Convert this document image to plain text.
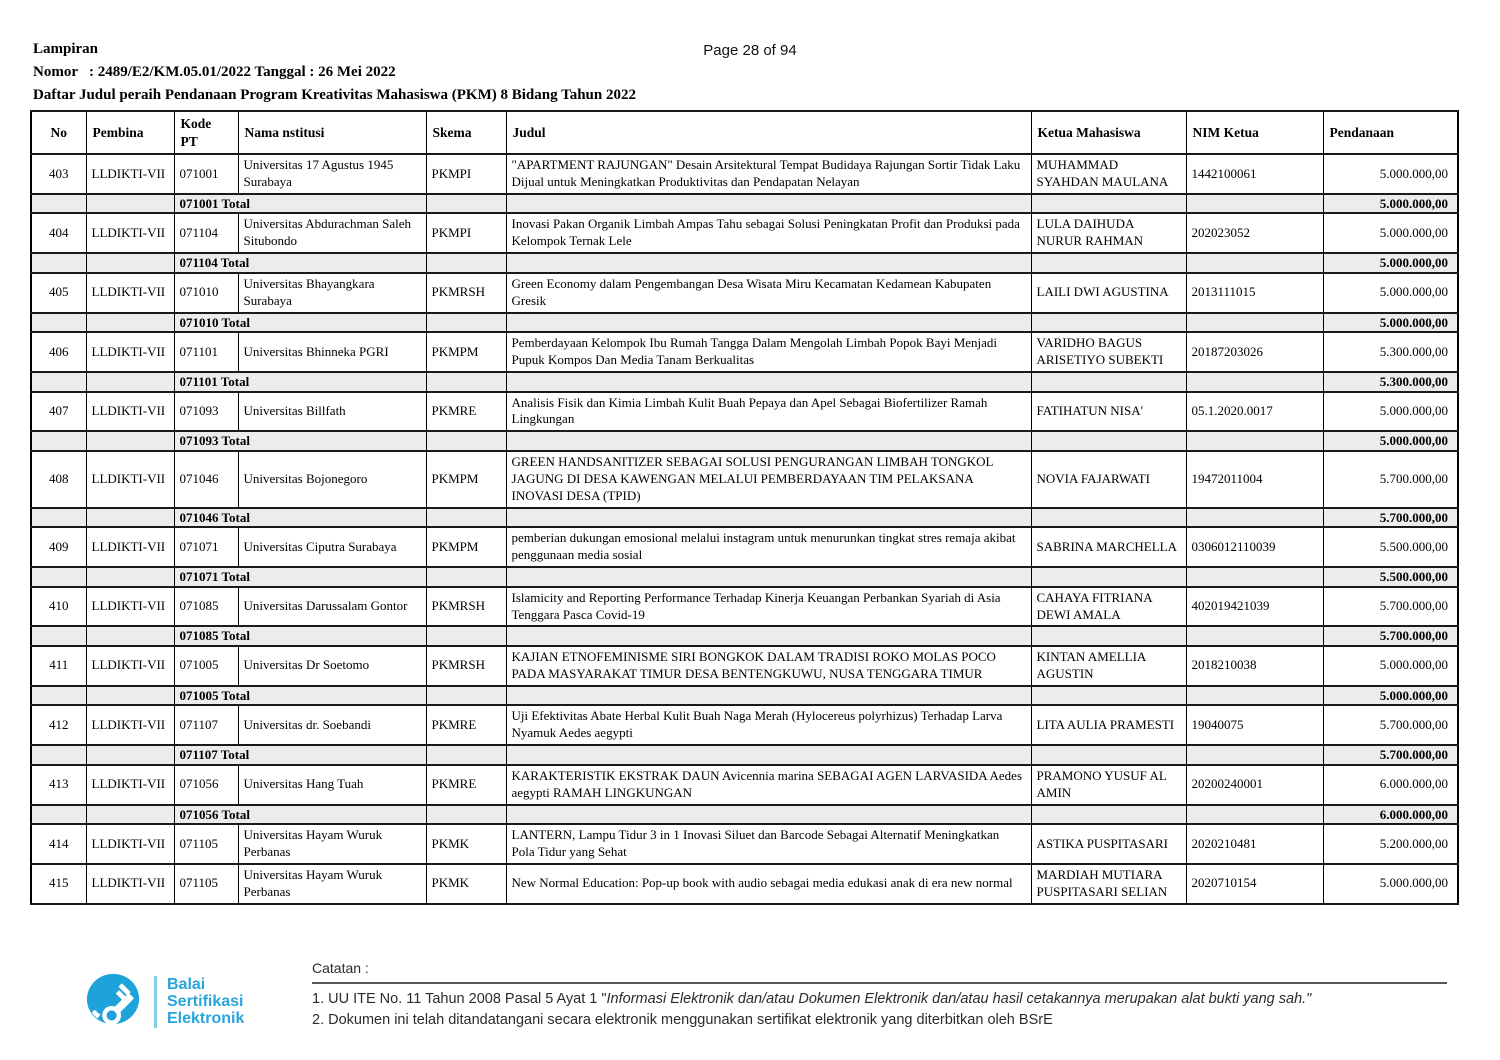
Lampiran
Nomor   : 2489/E2/KM.05.01/2022 Tanggal : 26 Mei 2022
Daftar Judul peraih Pendanaan Program Kreativitas Mahasiswa (PKM) 8 Bidang Tahun 2022
Page 28 of 94
No	Pembina	Kode PT	Nama nstitusi	Skema	Judul	Ketua Mahasiswa	NIM Ketua	Pendanaan
403	LLDIKTI-VII	071001	Universitas 17 Agustus 1945 Surabaya	PKMPI	"APARTMENT RAJUNGAN" Desain Arsitektural Tempat Budidaya Rajungan Sortir Tidak Laku Dijual untuk Meningkatkan Produktivitas dan Pendapatan Nelayan	MUHAMMAD SYAHDAN MAULANA	1442100061	5.000.000,00
		071001 Total						5.000.000,00
404	LLDIKTI-VII	071104	Universitas Abdurachman Saleh Situbondo	PKMPI	Inovasi Pakan Organik Limbah Ampas Tahu sebagai Solusi Peningkatan Profit dan Produksi pada Kelompok Ternak Lele	LULA DAIHUDA NURUR RAHMAN	202023052	5.000.000,00
		071104 Total						5.000.000,00
405	LLDIKTI-VII	071010	Universitas Bhayangkara Surabaya	PKMRSH	Green Economy dalam Pengembangan Desa Wisata Miru Kecamatan Kedamean Kabupaten Gresik	LAILI DWI AGUSTINA	2013111015	5.000.000,00
		071010 Total						5.000.000,00
406	LLDIKTI-VII	071101	Universitas Bhinneka PGRI	PKMPM	Pemberdayaan Kelompok Ibu Rumah Tangga Dalam Mengolah Limbah Popok Bayi Menjadi Pupuk Kompos Dan Media Tanam Berkualitas	VARIDHO BAGUS ARISETIYO SUBEKTI	20187203026	5.300.000,00
		071101 Total						5.300.000,00
407	LLDIKTI-VII	071093	Universitas Billfath	PKMRE	Analisis Fisik dan Kimia Limbah Kulit Buah Pepaya dan Apel Sebagai Biofertilizer Ramah Lingkungan	FATIHATUN NISA'	05.1.2020.0017	5.000.000,00
		071093 Total						5.000.000,00
408	LLDIKTI-VII	071046	Universitas Bojonegoro	PKMPM	GREEN HANDSANITIZER SEBAGAI SOLUSI PENGURANGAN LIMBAH TONGKOL JAGUNG DI DESA KAWENGAN MELALUI PEMBERDAYAAN TIM PELAKSANA INOVASI DESA (TPID)	NOVIA FAJARWATI	19472011004	5.700.000,00
		071046 Total						5.700.000,00
409	LLDIKTI-VII	071071	Universitas Ciputra Surabaya	PKMPM	pemberian dukungan emosional melalui instagram untuk menurunkan tingkat stres remaja akibat penggunaan media sosial	SABRINA MARCHELLA	0306012110039	5.500.000,00
		071071 Total						5.500.000,00
410	LLDIKTI-VII	071085	Universitas Darussalam Gontor	PKMRSH	Islamicity and Reporting Performance Terhadap Kinerja Keuangan Perbankan Syariah di Asia Tenggara Pasca Covid-19	CAHAYA FITRIANA DEWI AMALA	402019421039	5.700.000,00
		071085 Total						5.700.000,00
411	LLDIKTI-VII	071005	Universitas Dr Soetomo	PKMRSH	KAJIAN ETNOFEMINISME SIRI BONGKOK DALAM TRADISI ROKO MOLAS POCO PADA MASYARAKAT TIMUR DESA BENTENGKUWU, NUSA TENGGARA TIMUR	KINTAN AMELLIA AGUSTIN	2018210038	5.000.000,00
		071005 Total						5.000.000,00
412	LLDIKTI-VII	071107	Universitas dr. Soebandi	PKMRE	Uji Efektivitas Abate Herbal Kulit Buah Naga Merah (Hylocereus polyrhizus) Terhadap Larva Nyamuk Aedes aegypti	LITA AULIA PRAMESTI	19040075	5.700.000,00
		071107 Total						5.700.000,00
413	LLDIKTI-VII	071056	Universitas Hang Tuah	PKMRE	KARAKTERISTIK EKSTRAK DAUN Avicennia marina SEBAGAI AGEN LARVASIDA Aedes aegypti RAMAH LINGKUNGAN	PRAMONO YUSUF AL AMIN	20200240001	6.000.000,00
		071056 Total						6.000.000,00
414	LLDIKTI-VII	071105	Universitas Hayam Wuruk Perbanas	PKMK	LANTERN, Lampu Tidur 3 in 1 Inovasi Siluet dan Barcode Sebagai Alternatif Meningkatkan Pola Tidur yang Sehat	ASTIKA PUSPITASARI	2020210481	5.200.000,00
415	LLDIKTI-VII	071105	Universitas Hayam Wuruk Perbanas	PKMK	New Normal Education: Pop-up book with audio sebagai media edukasi anak di era new normal	MARDIAH MUTIARA PUSPITASARI SELIAN	2020710154	5.000.000,00
Balai
Sertifikasi
Elektronik
Catatan :
1. UU ITE No. 11 Tahun 2008 Pasal 5 Ayat 1 "Informasi Elektronik dan/atau Dokumen Elektronik dan/atau hasil cetakannya merupakan alat bukti yang sah."
2. Dokumen ini telah ditandatangani secara elektronik menggunakan sertifikat elektronik yang diterbitkan oleh BSrE
